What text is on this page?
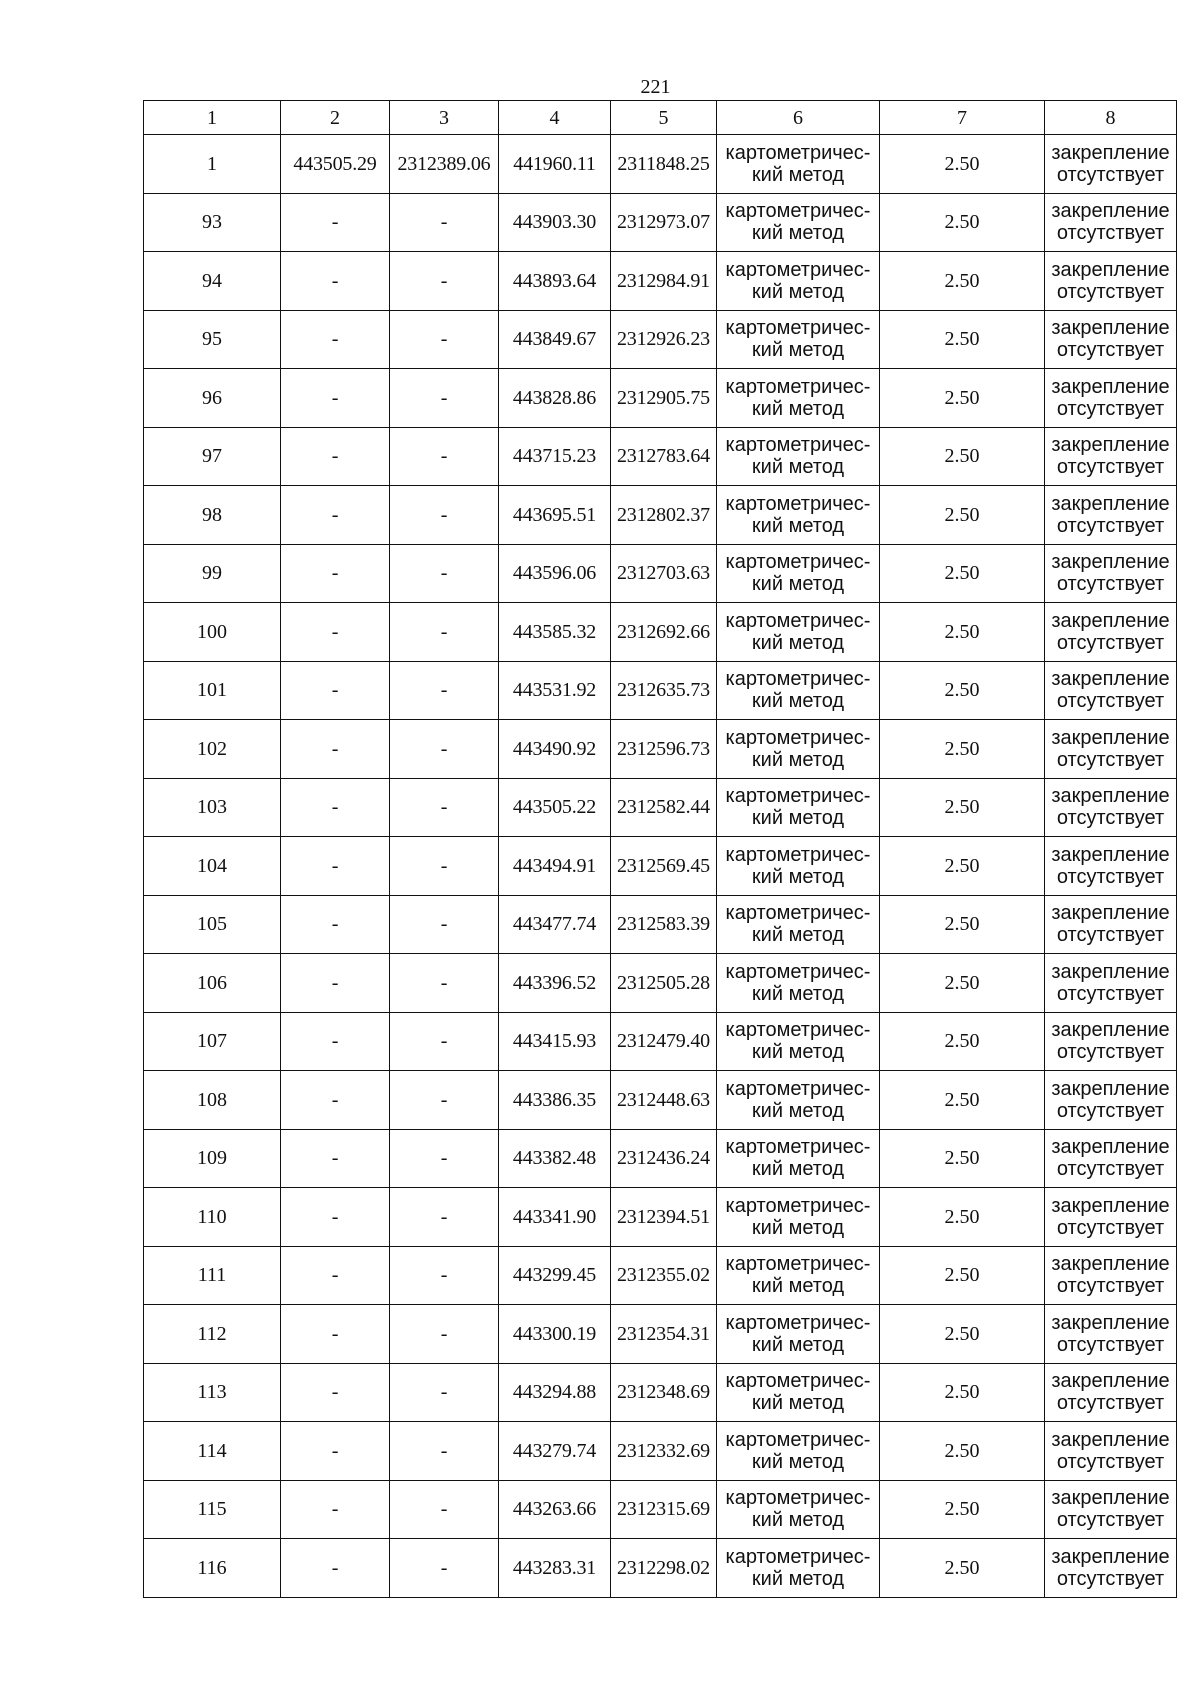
221
1	2	3	4	5	6	7	8
1	443505.29	2312389.06	441960.11	2311848.25	картометричес-
кий метод	2.50	закрепление
отсутствует

93	-	-	443903.30	2312973.07	картометричес-
кий метод	2.50	закрепление
отсутствует

94	-	-	443893.64	2312984.91	картометричес-
кий метод	2.50	закрепление
отсутствует

95	-	-	443849.67	2312926.23	картометричес-
кий метод	2.50	закрепление
отсутствует

96	-	-	443828.86	2312905.75	картометричес-
кий метод	2.50	закрепление
отсутствует

97	-	-	443715.23	2312783.64	картометричес-
кий метод	2.50	закрепление
отсутствует

98	-	-	443695.51	2312802.37	картометричес-
кий метод	2.50	закрепление
отсутствует

99	-	-	443596.06	2312703.63	картометричес-
кий метод	2.50	закрепление
отсутствует

100	-	-	443585.32	2312692.66	картометричес-
кий метод	2.50	закрепление
отсутствует

101	-	-	443531.92	2312635.73	картометричес-
кий метод	2.50	закрепление
отсутствует

102	-	-	443490.92	2312596.73	картометричес-
кий метод	2.50	закрепление
отсутствует

103	-	-	443505.22	2312582.44	картометричес-
кий метод	2.50	закрепление
отсутствует

104	-	-	443494.91	2312569.45	картометричес-
кий метод	2.50	закрепление
отсутствует

105	-	-	443477.74	2312583.39	картометричес-
кий метод	2.50	закрепление
отсутствует

106	-	-	443396.52	2312505.28	картометричес-
кий метод	2.50	закрепление
отсутствует

107	-	-	443415.93	2312479.40	картометричес-
кий метод	2.50	закрепление
отсутствует

108	-	-	443386.35	2312448.63	картометричес-
кий метод	2.50	закрепление
отсутствует

109	-	-	443382.48	2312436.24	картометричес-
кий метод	2.50	закрепление
отсутствует

110	-	-	443341.90	2312394.51	картометричес-
кий метод	2.50	закрепление
отсутствует

111	-	-	443299.45	2312355.02	картометричес-
кий метод	2.50	закрепление
отсутствует

112	-	-	443300.19	2312354.31	картометричес-
кий метод	2.50	закрепление
отсутствует

113	-	-	443294.88	2312348.69	картометричес-
кий метод	2.50	закрепление
отсутствует

114	-	-	443279.74	2312332.69	картометричес-
кий метод	2.50	закрепление
отсутствует

115	-	-	443263.66	2312315.69	картометричес-
кий метод	2.50	закрепление
отсутствует

116	-	-	443283.31	2312298.02	картометричес-
кий метод	2.50	закрепление
отсутствует
